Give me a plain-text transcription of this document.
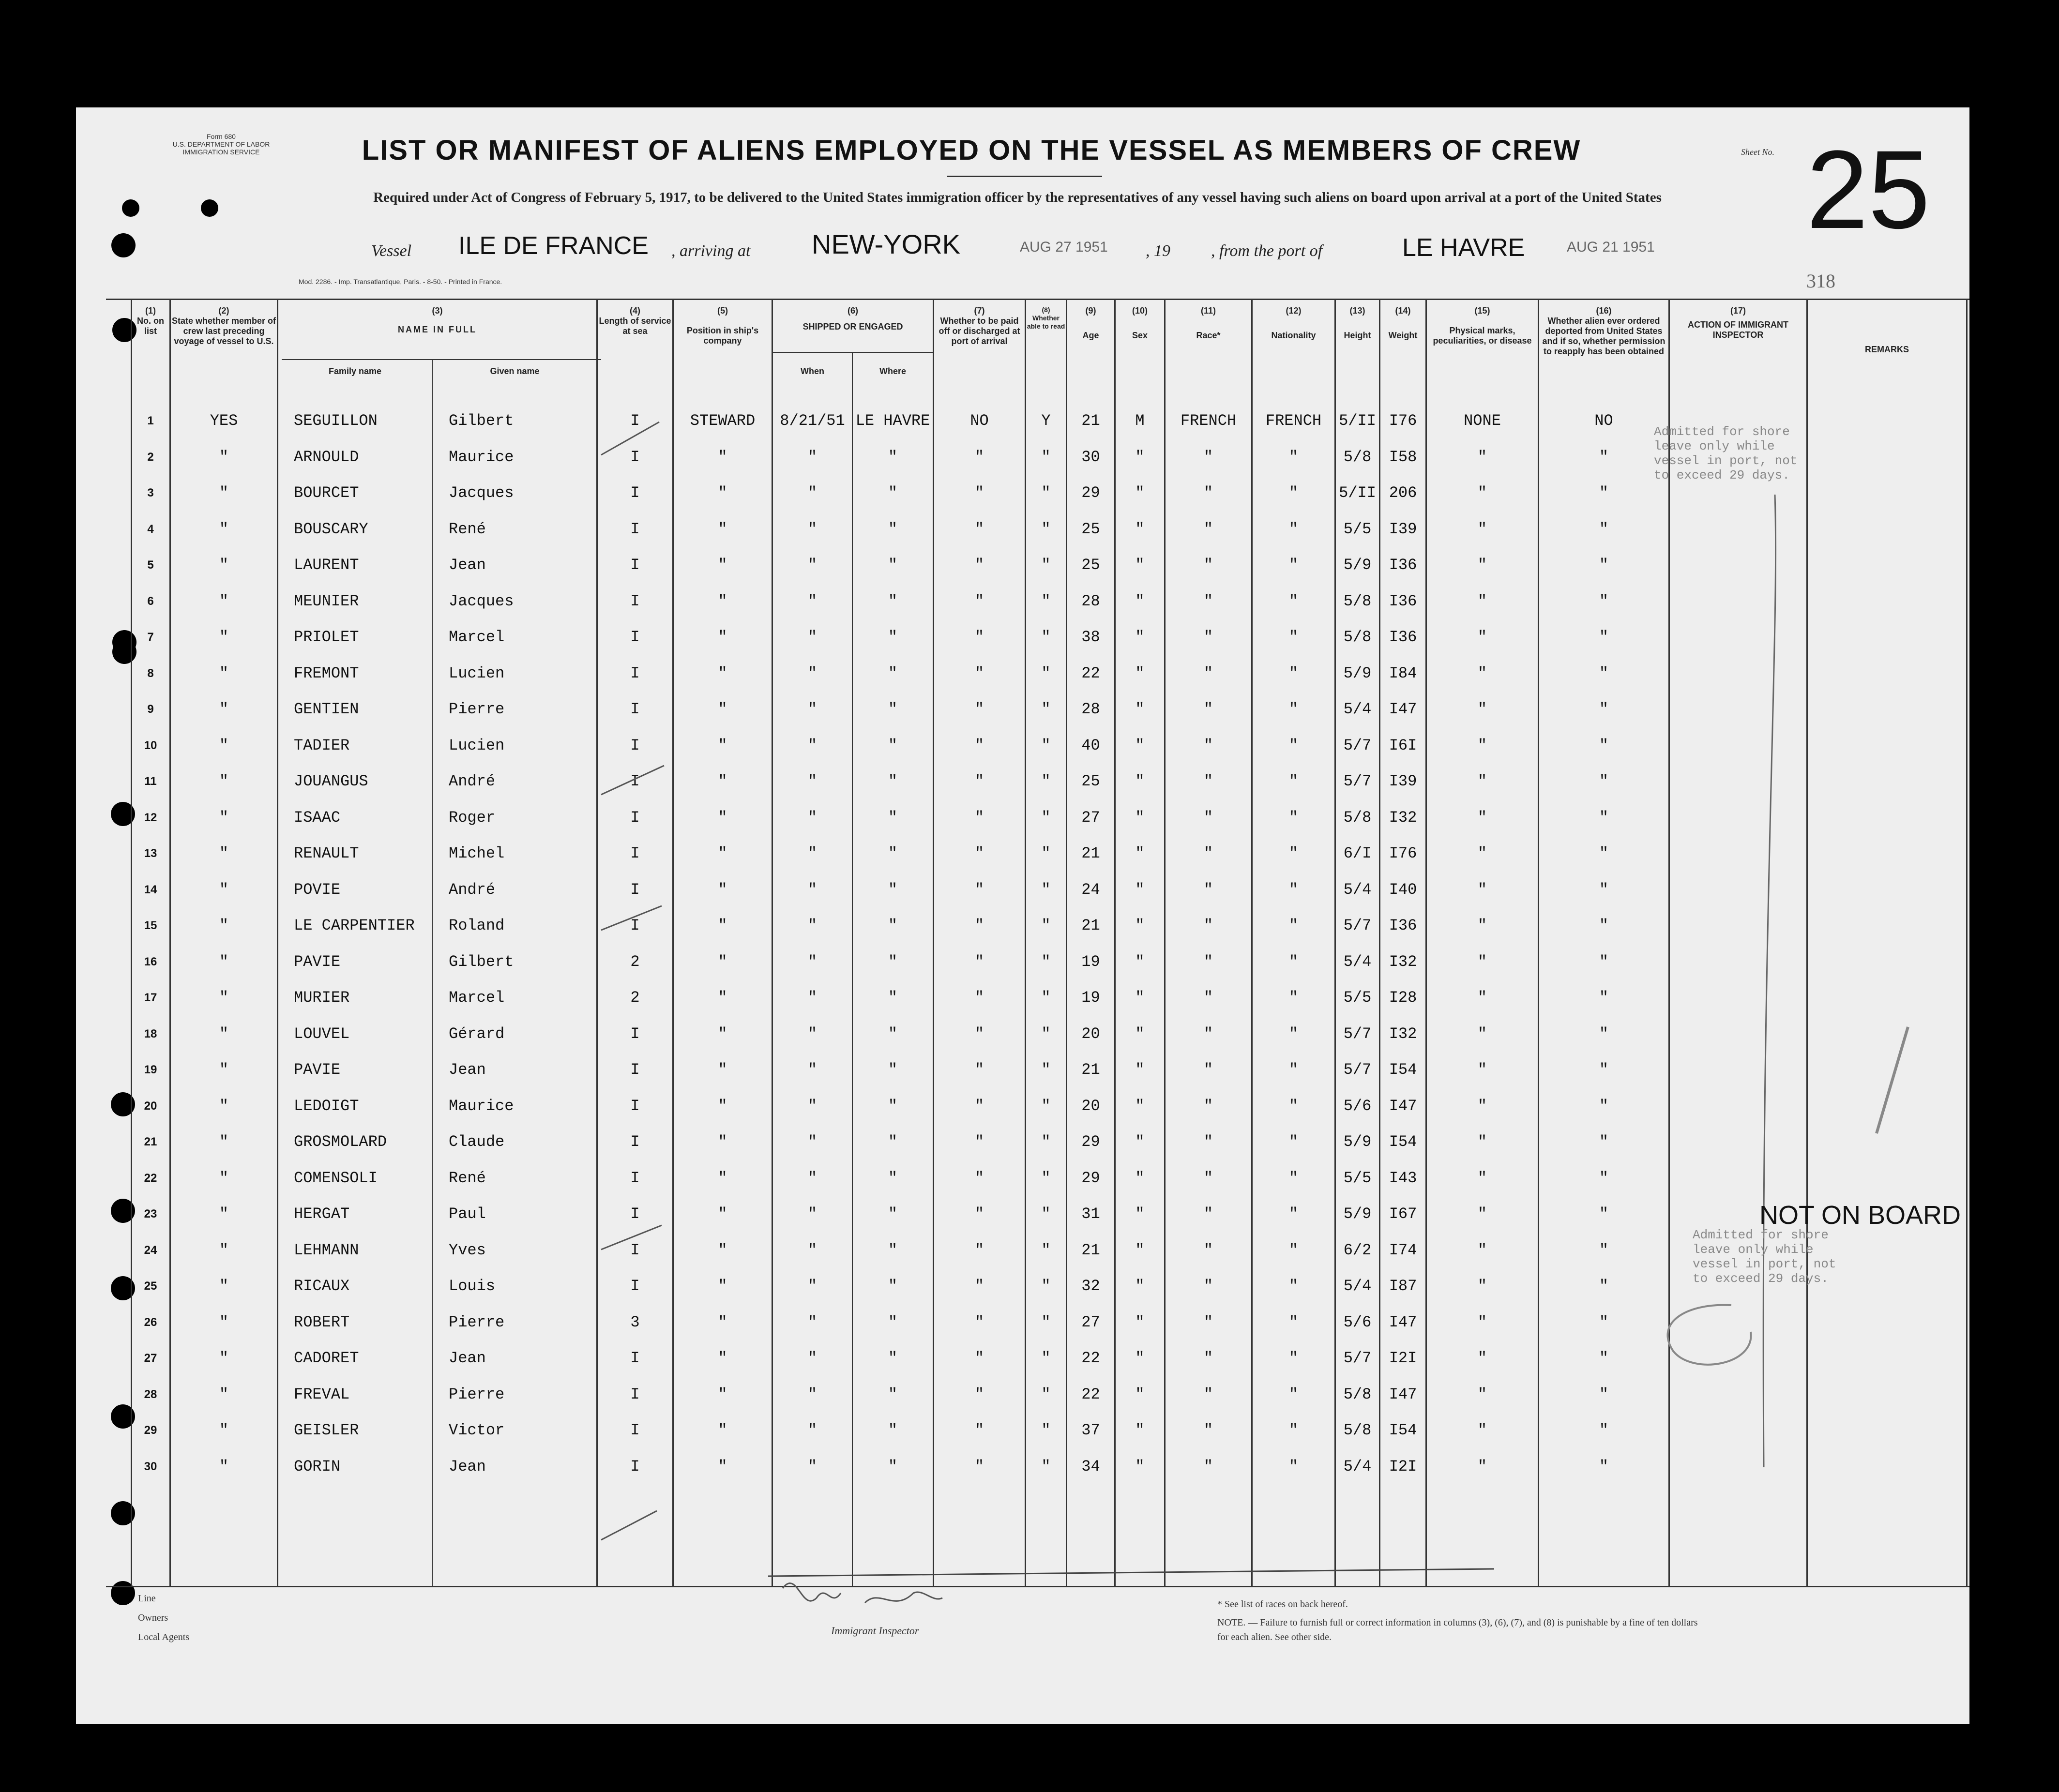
Form 680
U.S. DEPARTMENT OF LABOR
IMMIGRATION SERVICE	LIST OR MANIFEST OF ALIENS EMPLOYED ON THE VESSEL AS MEMBERS OF CREW
Required under Act of Congress of February 5, 1917, to be delivered to the United States immigration officer by the representatives of any vessel having such aliens on board upon arrival at a port of the United States
Sheet No. 25
318
Vessel ILE DE FRANCE , arriving at NEW-YORK	AUG 27 1951 , 19 , from the port of	LE HAVRE	AUG 21 1951
Mod. 2286. - Imp. Transatlantique, Paris. - 8-50. - Printed in France.
(1)
No. on list
(2)
State whether member of crew last preceding voyage of vessel to U.S.
(3)
NAME IN FULL
Family name	Given name
(4)
Length of service at sea
(5)
Position in ship's company
(6)
SHIPPED OR ENGAGED
When	Where
(7)
Whether to be paid off or discharged at port of arrival
(8)
Whether able to read
(9)
Age
(10)
Sex
(11)
Race*
(12)
Nationality
(13)
Height
(14)
Weight
(15)
Physical marks, peculiarities, or disease
(16)
Whether alien ever ordered deported from United States and if so, whether permission to reapply has been obtained
(17)
ACTION OF IMMIGRANT INSPECTOR
REMARKS
1	YES	SEGUILLON	Gilbert	I	STEWARD	8/21/51 LE HAVRE	NO	Y	21	M	FRENCH	FRENCH	5/II I76	NONE	NO
2	"	ARNOULD	Maurice	I	"	"	"	"	"	30	"	"	"	5/8	I58	"	"
3	"	BOURCET	Jacques	I	"	"	"	"	"	29	"	"	"	5/II 206	"	"
4	"	BOUSCARY	René	I	"	"	"	"	"	25	"	"	"	5/5	I39	"	"
5	"	LAURENT	Jean	I	"	"	"	"	"	25	"	"	"	5/9	I36	"	"
6	"	MEUNIER	Jacques	I	"	"	"	"	"	28	"	"	"	5/8	I36	"	"
7	"	PRIOLET	Marcel	I	"	"	"	"	"	38	"	"	"	5/8	I36	"	"
8	"	FREMONT	Lucien	I	"	"	"	"	"	22	"	"	"	5/9	I84	"	"
9	"	GENTIEN	Pierre	I	"	"	"	"	"	28	"	"	"	5/4	I47	"	"
10	"	TADIER	Lucien	I	"	"	"	"	"	40	"	"	"	5/7	I6I	"	"
11	"	JOUANGUS	André	I	"	"	"	"	"	25	"	"	"	5/7	I39	"	"
12	"	ISAAC	Roger	I	"	"	"	"	"	27	"	"	"	5/8	I32	"	"
13	"	RENAULT	Michel	I	"	"	"	"	"	21	"	"	"	6/I	I76	"	"
14	"	POVIE	André	I	"	"	"	"	"	24	"	"	"	5/4	I40	"	"
15	"	LE CARPENTIER	Roland	I	"	"	"	"	"	21	"	"	"	5/7	I36	"	"
16	"	PAVIE	Gilbert	2	"	"	"	"	"	19	"	"	"	5/4	I32	"	"
17	"	MURIER	Marcel	2	"	"	"	"	"	19	"	"	"	5/5	I28	"	"
18	"	LOUVEL	Gérard	I	"	"	"	"	"	20	"	"	"	5/7	I32	"	"
19	"	PAVIE	Jean	I	"	"	"	"	"	21	"	"	"	5/7	I54	"	"
20	"	LEDOIGT	Maurice	I	"	"	"	"	"	20	"	"	"	5/6	I47	"	"
21	"	GROSMOLARD	Claude	I	"	"	"	"	"	29	"	"	"	5/9	I54	"	"
22	"	COMENSOLI	René	I	"	"	"	"	"	29	"	"	"	5/5	I43	"	"
23	"	HERGAT	Paul	I	"	"	"	"	"	31	"	"	"	5/9	I67	"	"
24	"	LEHMANN	Yves	I	"	"	"	"	"	21	"	"	"	6/2	I74	"	"
25	"	RICAUX	Louis	I	"	"	"	"	"	32	"	"	"	5/4	I87	"	"
26	"	ROBERT	Pierre	3	"	"	"	"	"	27	"	"	"	5/6	I47	"	"
27	"	CADORET	Jean	I	"	"	"	"	"	22	"	"	"	5/7	I2I	"	"
28	"	FREVAL	Pierre	I	"	"	"	"	"	22	"	"	"	5/8	I47	"	"
29	"	GEISLER	Victor	I	"	"	"	"	"	37	"	"	"	5/8	I54	"	"
30	"	GORIN	Jean	I	"	"	"	"	"	34	"	"	"	5/4	I2I	"	"
Admitted for shore leave only while vessel in port, not to exceed 29 days.
NOT ON BOARD
Admitted for shore leave only while vessel in port, not to exceed 29 days.
Line
Owners
Local Agents
Immigrant Inspector
* See list of races on back hereof.
NOTE. — Failure to furnish full or correct information in columns (3), (6), (7), and (8) is punishable by a fine of ten dollars for each alien. See other side.
